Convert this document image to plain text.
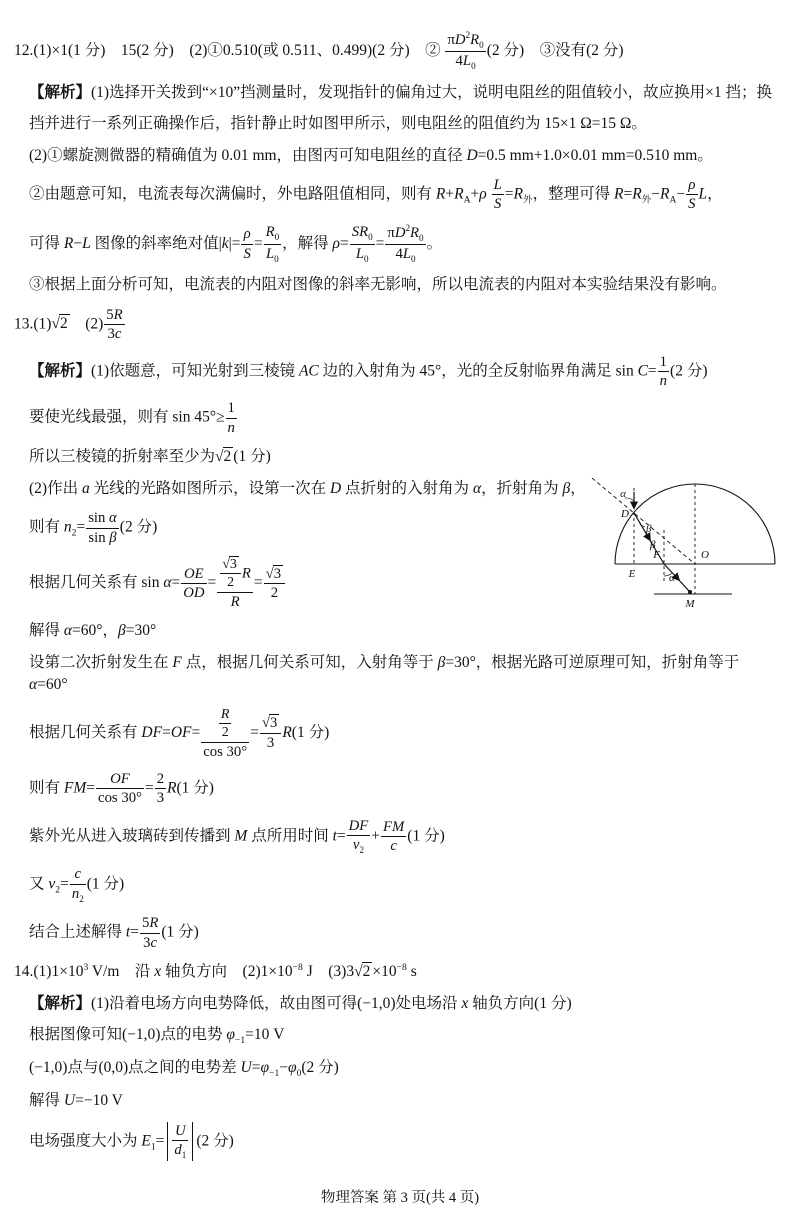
12.(1)×1(1 分)　15(2 分)　(2)①0.510(或 0.511、0.499)(2 分)　② $\frac{\pi D^2R_0}{4L_0} (2$ 分)　③没有(2 分)
【解析】(1)选择开关拨到“×10”挡测量时，发现指针的偏角过大，说明电阻丝的阻值较小，故应换用×1 挡；换
挡并进行一系列正确操作后，指针静止时如图甲所示，则电阻丝的阻值约为 15×1 Ω=15 Ω。
(2)①螺旋测微器的精确值为 0.01 mm，由图丙可知电阻丝的直径 D=0.5 mm+1.0×0.01 mm=0.510 mm。
②由题意可知，电流表每次满偏时，外电路阻值相同，则有 $R+R_A+\rho \frac{L}{S} =R_外$，整理可得 $R=R_外-R_A- \frac{\rho}{S}$ L，
可得 R−L 图像的斜率绝对值$|k|= \frac{\rho}{S} = \frac{R_0}{L_0}$ ，解得 $\rho= \frac{SR_0}{L_0} = \frac{\pi D^2R_0}{4L_0}$ 。
③根据上面分析可知，电流表的内阻对图像的斜率无影响，所以电流表的内阻对本实验结果没有影响。
13.(1)√2　$(2) \frac{5R}{3c}$
【解析】(1)依题意，可知光射到三棱镜 AC 边的入射角为 45°，光的全反射临界角满足 $\sin C= \frac{1}{n} (2$ 分)
要使光线最强，则有 $\sin 45^\circ\ge \frac{1}{n}$
所以三棱镜的折射率至少为√2 (1 分)
(2)作出 a 光线的光路如图所示，设第一次在 D 点折射的入射角为 α，折射角为 β，
则有 $n_2= \frac{\text{sin α}}{\text{sin β}} (2$ 分)
根据几何关系有 $\sin \alpha= \frac{OE}{OD} = \frac{\frac{√3}{2} R}{R} = \frac{√3}{2}$
解得 α=60°，β=30°
设第二次折射发生在 F 点，根据几何关系可知，入射角等于 β=30°，根据光路可逆原理可知，折射角等于 α=60°
根据几何关系有 $DF=OF= \frac{\frac{R}{2}}{\cos 30^\circ} = \frac{√3}{3} R(1$ 分)
则有 $FM= \frac{OF}{\cos 30^\circ} = \frac{2}{3} R(1$ 分)
紫外光从进入玻璃砖到传播到 M 点所用时间 $t= \frac{DF}{v_2} + \frac{FM}{c} (1$ 分)
又 $v_2= \frac{c}{n_2} (1$ 分)
结合上述解得 $t= \frac{5R}{3c} (1$ 分)
$14.(1)1\times 10^3$ V/m　沿 x 轴负方向　$(2)1\times 10^{-8}$ J　$(3)3√2 \times 10^{-8}$ s
【解析】(1)沿着电场方向电势降低，故由图可得(−1,0)处电场沿 x 轴负方向(1 分)
根据图像可知(−1,0)点的电势 $\varphi_{-1}=10$ V
(−1,0)点与(0,0)点之间的电势差 $U=\varphi_{-1}-\varphi_0(2$ 分)
解得 U=−10 V
电场强度大小为 $E_1= \frac{U}{d_1} (2$ 分)
α
D
β
β
F
E
O
α
M
物理答案 第 3 页(共 4 页)
